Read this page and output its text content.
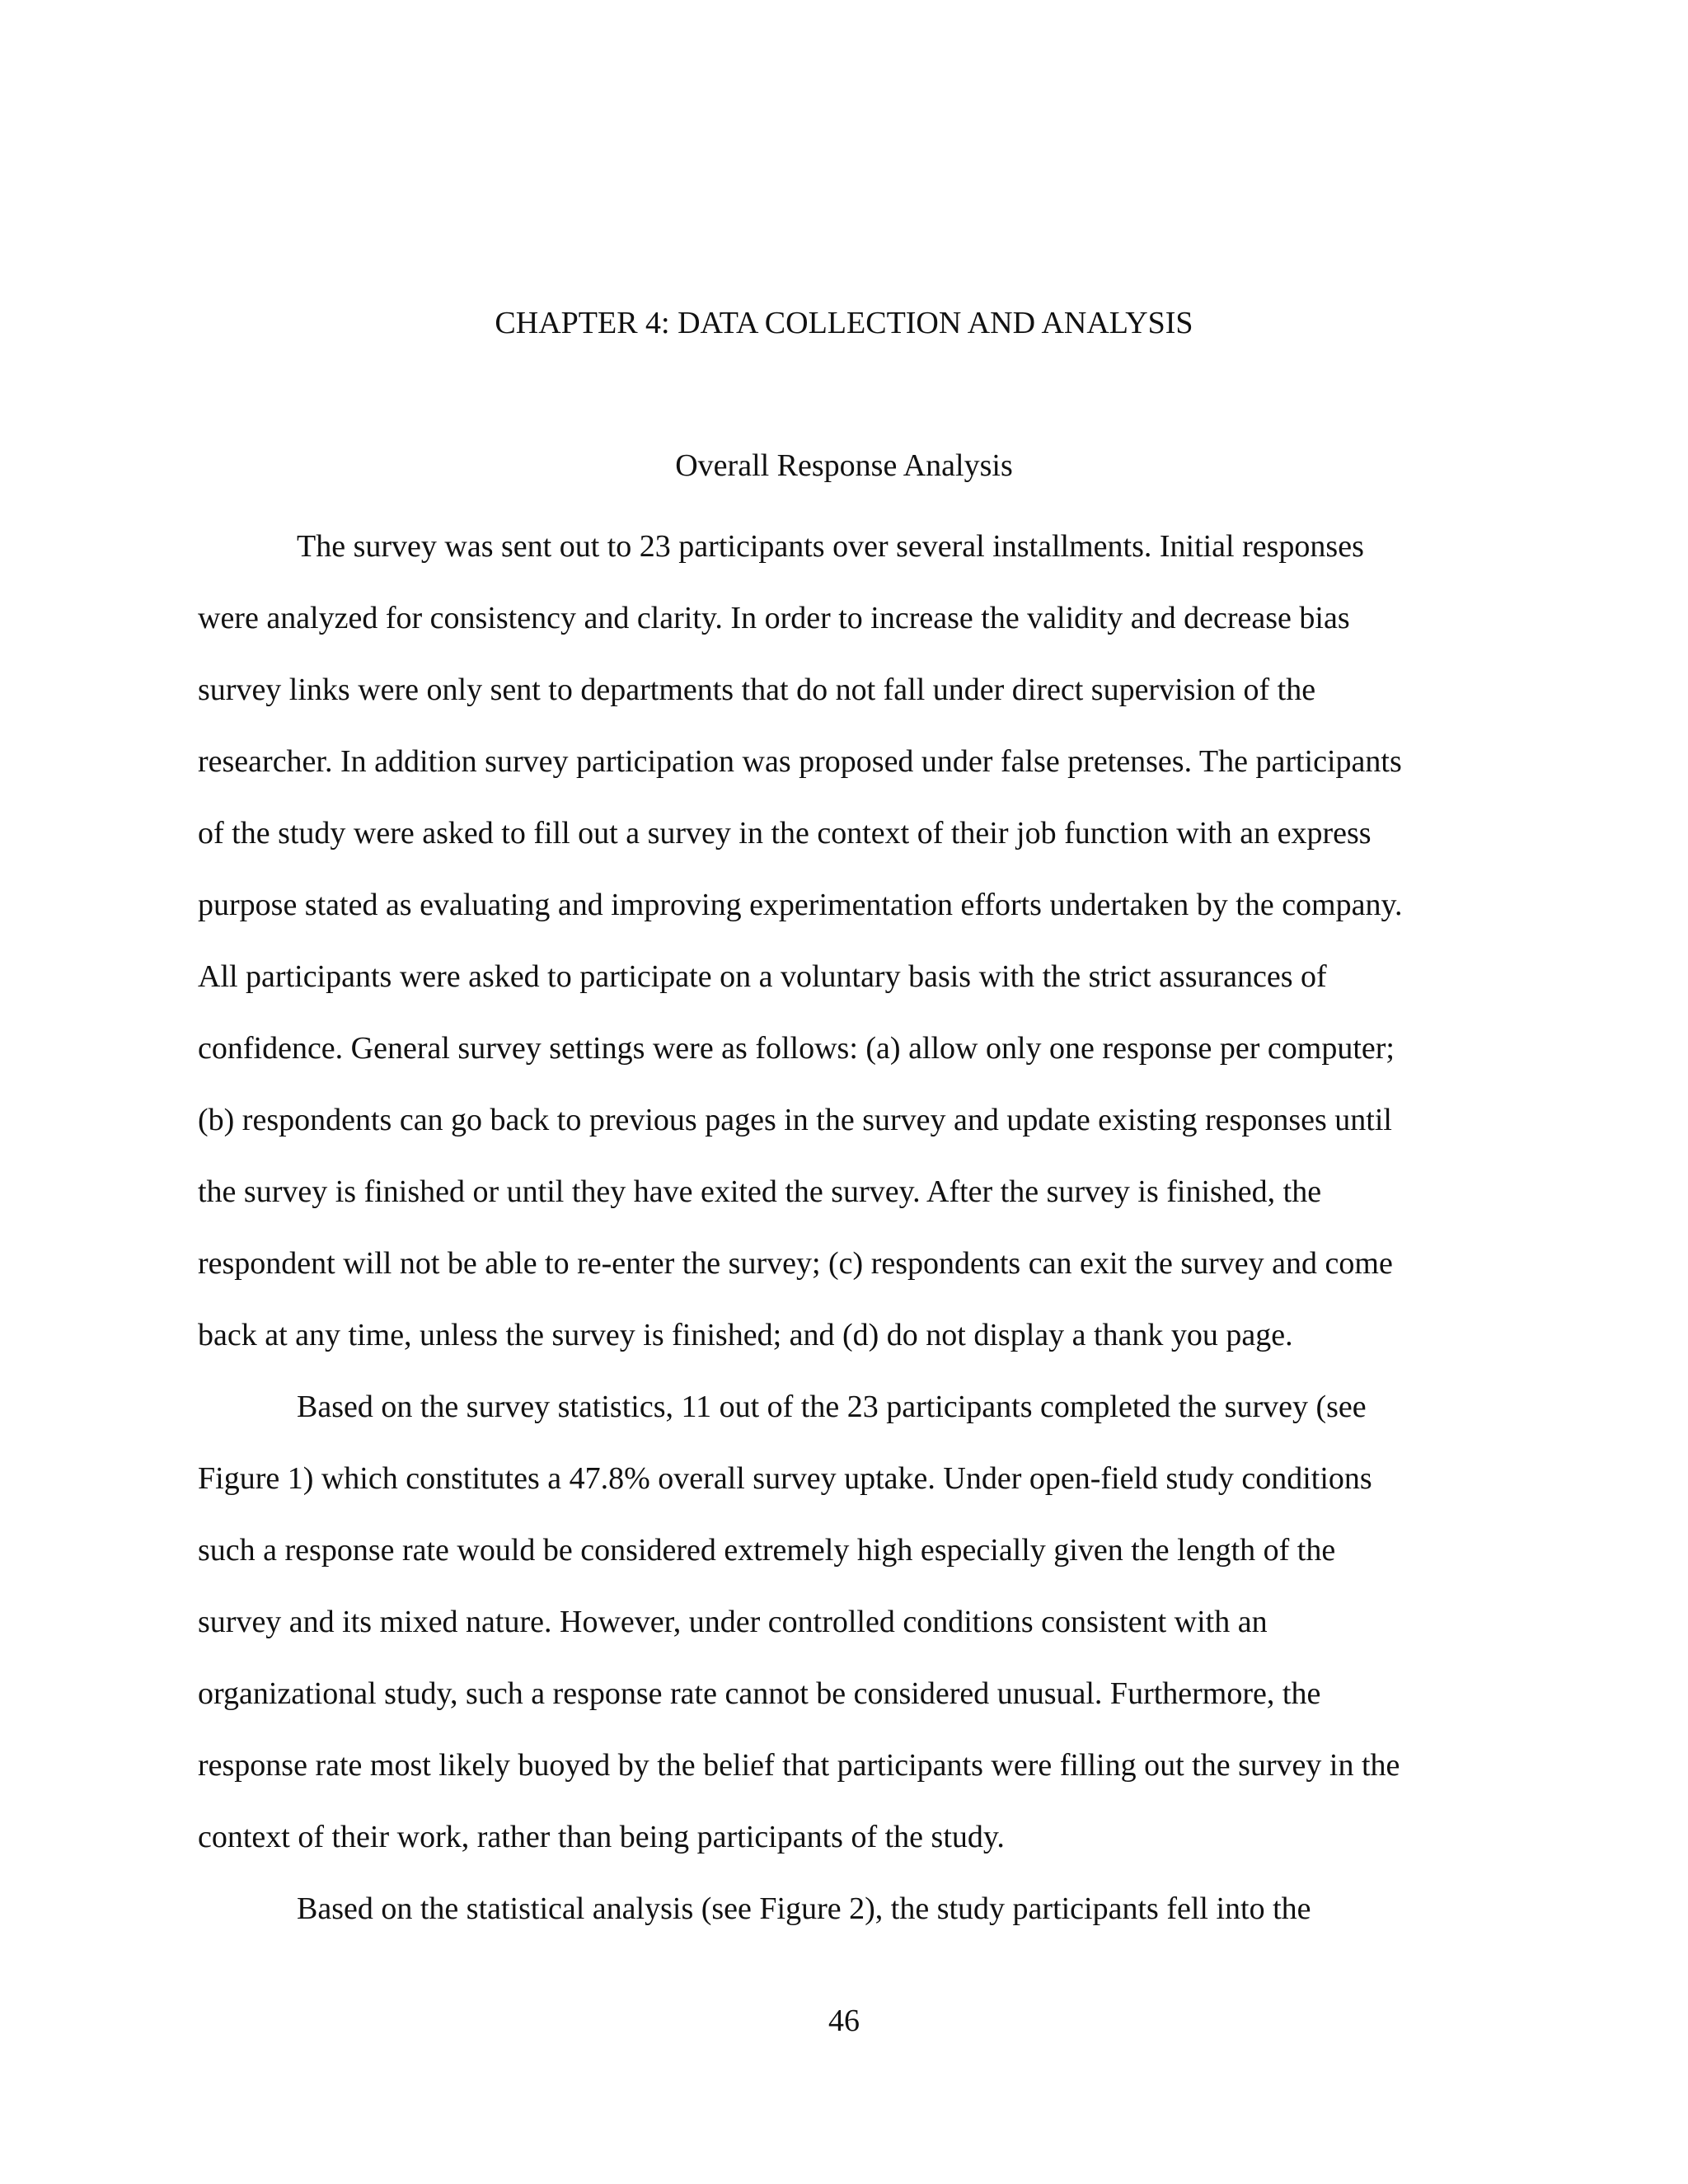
CHAPTER 4: DATA COLLECTION AND ANALYSIS
Overall Response Analysis
The survey was sent out to 23 participants over several installments. Initial responses
were analyzed for consistency and clarity. In order to increase the validity and decrease bias
survey links were only sent to departments that do not fall under direct supervision of the
researcher. In addition survey participation was proposed under false pretenses. The participants
of the study were asked to fill out a survey in the context of their job function with an express
purpose stated as evaluating and improving experimentation efforts undertaken by the company.
All participants were asked to participate on a voluntary basis with the strict assurances of
confidence. General survey settings were as follows: (a) allow only one response per computer;
(b) respondents can go back to previous pages in the survey and update existing responses until
the survey is finished or until they have exited the survey. After the survey is finished, the
respondent will not be able to re-enter the survey; (c) respondents can exit the survey and come
back at any time, unless the survey is finished; and (d) do not display a thank you page.
Based on the survey statistics, 11 out of the 23 participants completed the survey (see
Figure 1) which constitutes a 47.8% overall survey uptake. Under open-field study conditions
such a response rate would be considered extremely high especially given the length of the
survey and its mixed nature. However, under controlled conditions consistent with an
organizational study, such a response rate cannot be considered unusual. Furthermore, the
response rate most likely buoyed by the belief that participants were filling out the survey in the
context of their work, rather than being participants of the study.
Based on the statistical analysis (see Figure 2), the study participants fell into the
46
